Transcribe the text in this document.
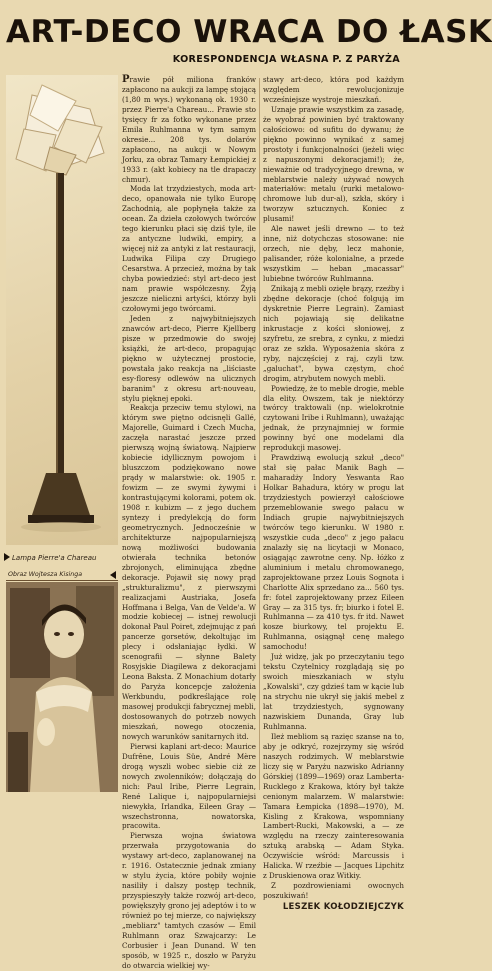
ART-DECO WRACA DO ŁASK
KORESPONDENCJA WŁASNA P. Z PARYŻA
Lampa Pierre'a Chareau
Obraz Wojtesza Kisinga

Prawie pół miliona franków zapłacono na aukcji za lampę stojącą (1,80 m wys.) wykonaną ok. 1930 r. przez Pierre'a Chareau... Prawie sto tysięcy fr za fotko wykonane przez Emila Ruhlmanna w tym samym okresie... 208 tys. dolarów zapłacono, na aukcji w Nowym Jorku, za obraz Tamary Łempickiej z 1933 r. (akt kobiecy na tle drapaczy chmur).

Moda lat trzydziestych, moda art-deco, opanowała nie tylko Europę Zachodnią, ale popłynęła także za ocean. Za dzieła czołowych twórców tego kierunku płaci się dziś tyle, ile za antyczne ludwiki, empiry, a więcej niż za antyki z lat restauracji, Ludwika Filipa czy Drugiego Cesarstwa. A przecież, można by tak chyba powiedzieć: styl art-deco jest nam prawie współczesny. Żyją jeszcze nieliczni artyści, którzy byli czołowymi jego twórcami.

Jeden z najwybitniejszych znawców art-deco, Pierre Kjellberg pisze w przedmowie do swojej książki, że art-deco, propagując piękno w użytecznej prostocie, powstała jako reakcja na „liściaste esy-floresy odlewów na ulicznych baranim" z okresu art-nouveau, stylu pięknej epoki.

Reakcja przeciw temu stylowi, na którym swe piętno odcisnęli Gallé, Majorelle, Guimard i Czech Mucha, zaczęła narastać jeszcze przed pierwszą wojną światową. Najpierw kobiecie idyllicznym powojom i bluszczom podziękowano nowe prądy w malarstwie: ok. 1905 r. fowizm — ze swymi żywymi i kontrastującymi kolorami, potem ok. 1908 r. kubizm — z jego duchem syntezy i predylekcją do form geometrycznych. Jednocześnie w architekturze najpopularniejszą nową możliwości budowania otwierała technika betonów zbrojonych, eliminująca zbędne dekoracje. Pojawił się nowy prąd „strukturalizmu", z pierwszymi realizacjami Austriaka, Josefa Hoffmana i Belga, Van de Velde'a. W modzie kobiecej — istnej rewolucji dokonał Paul Poiret, zdejmując z pań pancerze gorsetów, dekoltując im plecy i odsłaniając łydki. W scenografii — słynne Balety Rosyjskie Diagilewa z dekoracjami Leona Baksta. Z Monachium dotarły do Paryża koncepcje założenia Werkbundu, podkreślające rolę masowej produkcji fabrycznej mebli, dostosowanych do potrzeb nowych mieszkań, nowego otoczenia, nowych warunków sanitarnych itd.

Pierwsi kaplani art-deco: Maurice Dufrêne, Louis Süe, André Mère drogą wyszli wobec siebie ciż ze nowych zwolenników; dołączają do nich: Paul Iribe, Pierre Legrain, René Lalique i, najpopularniejsi niewykła, Irlandka, Eileen Gray — wszechstronna, nowatorska, pracowita.

Pierwsza wojna światowa przerwała przygotowania do wystawy art-deco, zaplanowanej na r. 1916. Ostatecznie jednak zmiany w stylu życia, które pobiły wojnie nasiliły i dalszy postęp technik, przyspieszyły także rozwój art-deco, powiększyły grono jej adeptów i to w również po tej mierze, co największy „mebliarz" tamtych czasów — Emil Ruhlmann oraz Szwajcarzy: Le Corbusier i Jean Dunand. W ten sposób, w 1925 r., doszło w Paryżu do otwarcia wielkiej wy-

stawy art-deco, która pod każdym względem rewolucjonizuje wcześniejsze wystroje mieszkań.

Uznaje prawie wszystkim za zasadę, że wyobraź powinien być traktowany całościowo: od sufitu do dywanu; że piękno powinno wynikać z samej prostoty i funkcjonalności (jeżeli więc z napuszonymi dekoracjami!); że, nieważnie od tradycyjnego drewna, w meblarstwie należy używać nowych materiałów: metalu (rurki metalowo-chromowe lub dur-al), szkła, skóry i tworzyw sztucznych. Koniec z plusami!

Ale nawet jeśli drewno — to też inne, niż dotychczas stosowane: nie orzech, nie dęby, lecz mahonie, palisander, róże kolonialne, a przede wszystkim — heban „macassar" lubiebne twórców Ruhlmanna.

Znikają z mebli ozięłe brązy, rzeźby i zbędne dekoracje (choć folgują im dyskretnie Pierre Legrain). Zamiast nich pojawiają się delikatne inkrustacje z kości słoniowej, z szyfretu, ze srebra, z cynku, z miedzi oraz ze szkła. Wyposażenia skóra z ryby, najczęściej z raj, czyli tzw. „galuchat", bywa częstym, choć drogim, atrybutem nowych mebli.

Powiedzę, że to meble drogie, meble dla elity. Owszem, tak je niektórzy twórcy traktowali (np. wielokrotnie czytowani Iribe i Ruhlmann), uważając jednak, że przynajmniej w formie powinny być one modelami dla reprodukcji masowej.

Prawdziwą ewolucją szkuł „deco" stał się pałac Manik Bagh — maharadży Indory Yeswanta Rao Holkar Bahadura, który w progu lat trzydziestych powierzył całościowe przemeblowanie swego pałacu w Indiach grupie najwybitniejszych twórców tego kierunku. W 1980 r. wszystkie cuda „deco" z jego pałacu znalazły się na licytacji w Monaco, osiągając zawrotne ceny. Np. łóżko z aluminium i metalu chromowanego, zaprojektowane przez Louis Sognota i Charlotte Alix sprzedano za... 560 tys. fr: fotel zaprojektowany przez Eileen Gray — za 315 tys. fr; biurko i fotel E. Ruhlmanna — za 410 tys. fr itd. Nawet kosze biurkowy, tel projektu E. Ruhlmanna, osiągnął cenę małego samochodu!

Już widzę, jak po przeczytaniu tego tekstu Czytelnicy rozglądają się po swoich mieszkaniach w stylu „Kowalski", czy gdzieś tam w kącie lub na strychu nie ukrył się jakiś mebel z lat trzydziestych, sygnowany nazwiskiem Dunanda, Gray lub Ruhlmanna.

Ileż mebliom są razięc szanse na to, aby je odkryć, rozejrzymy się wśród naszych rodzimych. W meblarstwie liczy się w Paryżu nazwisko Adrianny Górskiej (1899—1969) oraz Lamberta-Rucklego z Krakowa, który był także cenionym malarzem. W malarstwie: Tamara Łempicka (1898—1970), M. Kisling z Krakowa, wspomniany Lambert-Rucki, Makowski, a — ze względu na rzeczy zainteresowania sztuką arabską — Adam Styka. Oczywiście wśród: Marcussis i Halicka. W rzeźbie — Jacques Lipchitz z Druskienowa oraz Witkiy.

Z pozdrowieniami owocnych poszukiwań!

LESZEK KOŁODZIEJCZYK
